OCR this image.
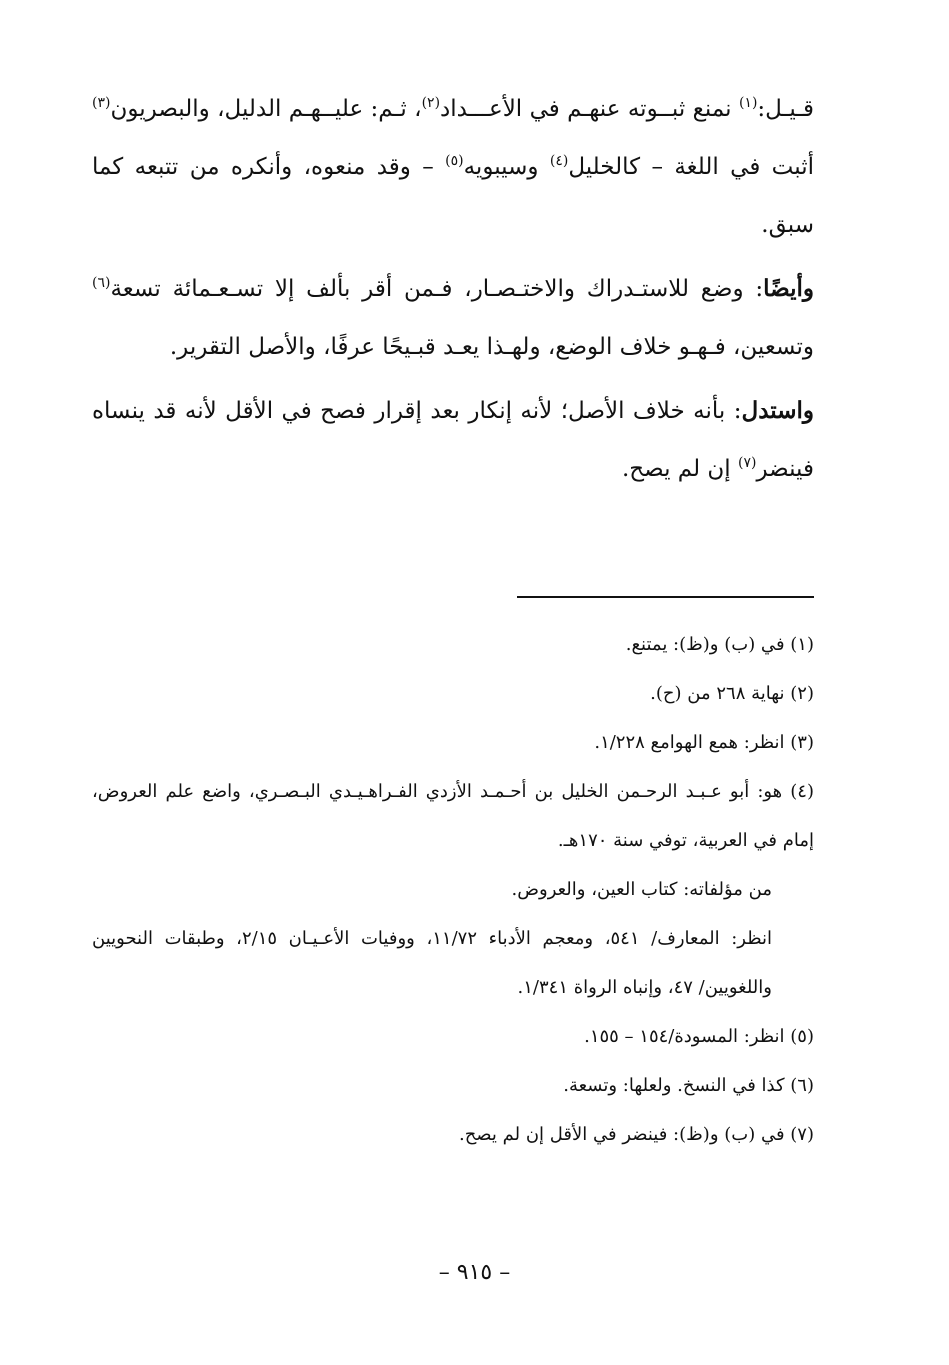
قـيـل:$^{(١)}$ نمنع ثبــوته عنهـم في الأعـــداد$^{(٢)}$، ثـم: عليــهـم الدليل، والبصريون$^{(٣)}$ أثبت في اللغة – كالخليل$^{(٤)}$ وسيبويه$^{(٥)}$ – وقد منعوه، وأنكره من تتبعه كما سبق.

وأيضًا: وضع للاستـدراك والاختـصـار، فـمن أقر بألف إلا تسـعـمائة تسعة$^{(٦)}$ وتسعين، فـهـو خلاف الوضع، ولهـذا يعـد قبـيحًا عرفًا، والأصل التقرير.

واستدل: بأنه خلاف الأصل؛ لأنه إنكار بعد إقرار فصح في الأقل لأنه قد ينساه فينضر$^{(٧)}$ إن لم يصح.

(١) في (ب) و(ظ): يمتنع.

(٢) نهاية ٢٦٨ من (ح).

(٣) انظر: همع الهوامع ١/٢٢٨.

(٤) هو: أبو عـبـد الرحـمن الخليل بن أحـمـد الأزدي الفـراهـيـدي البـصـري، واضع علم العروض، إمام في العربية، توفي سنة ١٧٠هـ.

من مؤلفاته: كتاب العين، والعروض.

انظر: المعارف/ ٥٤١، ومعجم الأدباء ١١/٧٢، ووفيات الأعـيـان ٢/١٥، وطبقات النحويين واللغويين/ ٤٧، وإنباه الرواة ١/٣٤١.

(٥) انظر: المسودة/١٥٤ – ١٥٥.

(٦) كذا في النسخ. ولعلها: وتسعة.

(٧) في (ب) و(ظ): فينضر في الأقل إن لم يصح.

– ٩١٥ –
